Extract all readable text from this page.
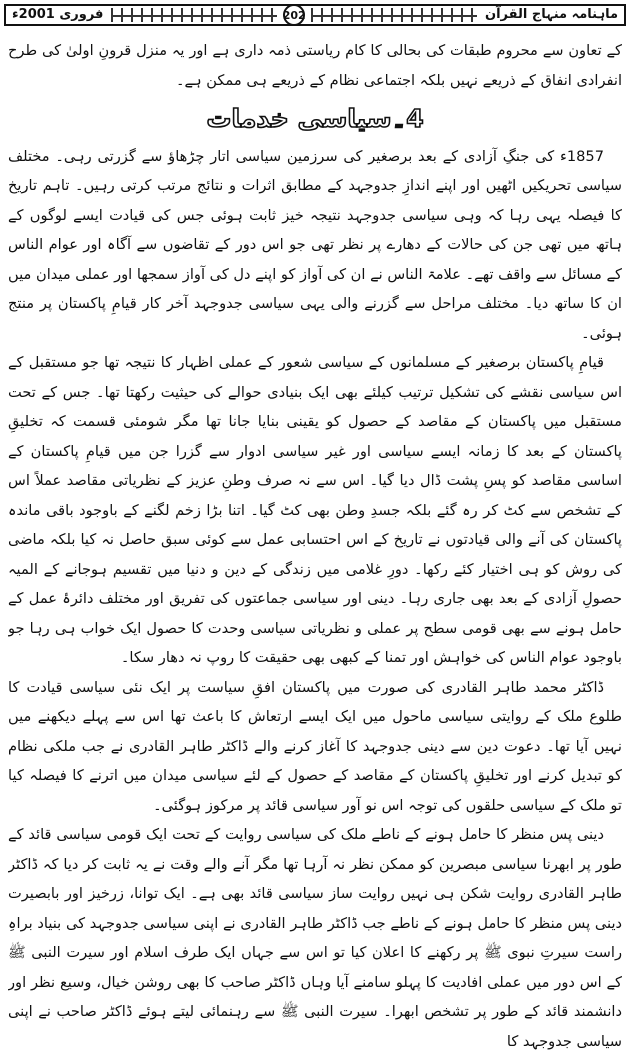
فروری 2001ء	202	ماہنامہ منہاج القرآن

کے تعاون سے محروم طبقات کی بحالی کا کام ریاستی ذمہ داری ہے اور یہ منزل قرونِ اولیٰ کی طرح انفرادی انفاق کے ذریعے نہیں بلکہ اجتماعی نظام کے ذریعے ہی ممکن ہے۔

4۔سیاسی خدمات

1857ء کی جنگِ آزادی کے بعد برصغیر کی سرزمین سیاسی اتار چڑھاؤ سے گزرتی رہی۔ مختلف سیاسی تحریکیں اٹھیں اور اپنے اندازِ جدوجہد کے مطابق اثرات و نتائج مرتب کرتی رہیں۔ تاہم تاریخ کا فیصلہ یہی رہا کہ وہی سیاسی جدوجہد نتیجہ خیز ثابت ہوئی جس کی قیادت ایسے لوگوں کے ہاتھ میں تھی جن کی حالات کے دھارے پر نظر تھی جو اس دور کے تقاضوں سے آگاہ اور عوام الناس کے مسائل سے واقف تھے۔ علامۃ الناس نے ان کی آواز کو اپنے دل کی آواز سمجھا اور عملی میدان میں ان کا ساتھ دیا۔ مختلف مراحل سے گزرنے والی یہی سیاسی جدوجہد آخر کار قیامِ پاکستان پر منتج ہوئی۔

قیامِ پاکستان برصغیر کے مسلمانوں کے سیاسی شعور کے عملی اظہار کا نتیجہ تھا جو مستقبل کے اس سیاسی نقشے کی تشکیل ترتیب کیلئے بھی ایک بنیادی حوالے کی حیثیت رکھتا تھا۔ جس کے تحت مستقبل میں پاکستان کے مقاصد کے حصول کو یقینی بنایا جانا تھا مگر شومئی قسمت کہ تخلیقِ پاکستان کے بعد کا زمانہ ایسے سیاسی اور غیر سیاسی ادوار سے گزرا جن میں قیامِ پاکستان کے اساسی مقاصد کو پسِ پشت ڈال دیا گیا۔ اس سے نہ صرف وطنِ عزیز کے نظریاتی مقاصد عملاً اس کے تشخص سے کٹ کر رہ گئے بلکہ جسدِ وطن بھی کٹ گیا۔ اتنا بڑا زخم لگنے کے باوجود باقی ماندہ پاکستان کی آنے والی قیادتوں نے تاریخ کے اس احتسابی عمل سے کوئی سبق حاصل نہ کیا بلکہ ماضی کی روش کو ہی اختیار کئے رکھا۔ دورِ غلامی میں زندگی کے دین و دنیا میں تقسیم ہوجانے کے المیہ حصولِ آزادی کے بعد بھی جاری رہا۔ دینی اور سیاسی جماعتوں کی تفریق اور مختلف دائرۂ عمل کے حامل ہونے سے بھی قومی سطح پر عملی و نظریاتی سیاسی وحدت کا حصول ایک خواب ہی رہا جو باوجود عوام الناس کی خواہش اور تمنا کے کبھی بھی حقیقت کا روپ نہ دھار سکا۔

ڈاکٹر محمد طاہر القادری کی صورت میں پاکستان افقِ سیاست پر ایک نئی سیاسی قیادت کا طلوع ملک کے روایتی سیاسی ماحول میں ایک ایسے ارتعاش کا باعث تھا اس سے پہلے دیکھنے میں نہیں آیا تھا۔ دعوت دین سے دینی جدوجہد کا آغاز کرنے والے ڈاکٹر طاہر القادری نے جب ملکی نظام کو تبدیل کرنے اور تخلیقِ پاکستان کے مقاصد کے حصول کے لئے سیاسی میدان میں اترنے کا فیصلہ کیا تو ملک کے سیاسی حلقوں کی توجہ اس نو آور سیاسی قائد پر مرکوز ہوگئی۔

دینی پس منظر کا حامل ہونے کے ناطے ملک کی سیاسی روایت کے تحت ایک قومی سیاسی قائد کے طور پر ابھرنا سیاسی مبصرین کو ممکن نظر نہ آرہا تھا مگر آنے والے وقت نے یہ ثابت کر دیا کہ ڈاکٹر طاہر القادری روایت شکن ہی نہیں روایت ساز سیاسی قائد بھی ہے۔ ایک توانا، زرخیز اور بابصیرت دینی پس منظر کا حامل ہونے کے ناطے جب ڈاکٹر طاہر القادری نے اپنی سیاسی جدوجہد کی بنیاد براہِ راست سیرتِ نبوی ﷺ پر رکھنے کا اعلان کیا تو اس سے جہاں ایک طرف اسلام اور سیرت النبی ﷺ کے اس دور میں عملی افادیت کا پہلو سامنے آیا وہاں ڈاکٹر صاحب کا بھی روشن خیال، وسیع نظر اور دانشمند قائد کے طور پر تشخص ابھرا۔ سیرت النبی ﷺ سے رہنمائی لیتے ہوئے ڈاکٹر صاحب نے اپنی سیاسی جدوجہد کا
